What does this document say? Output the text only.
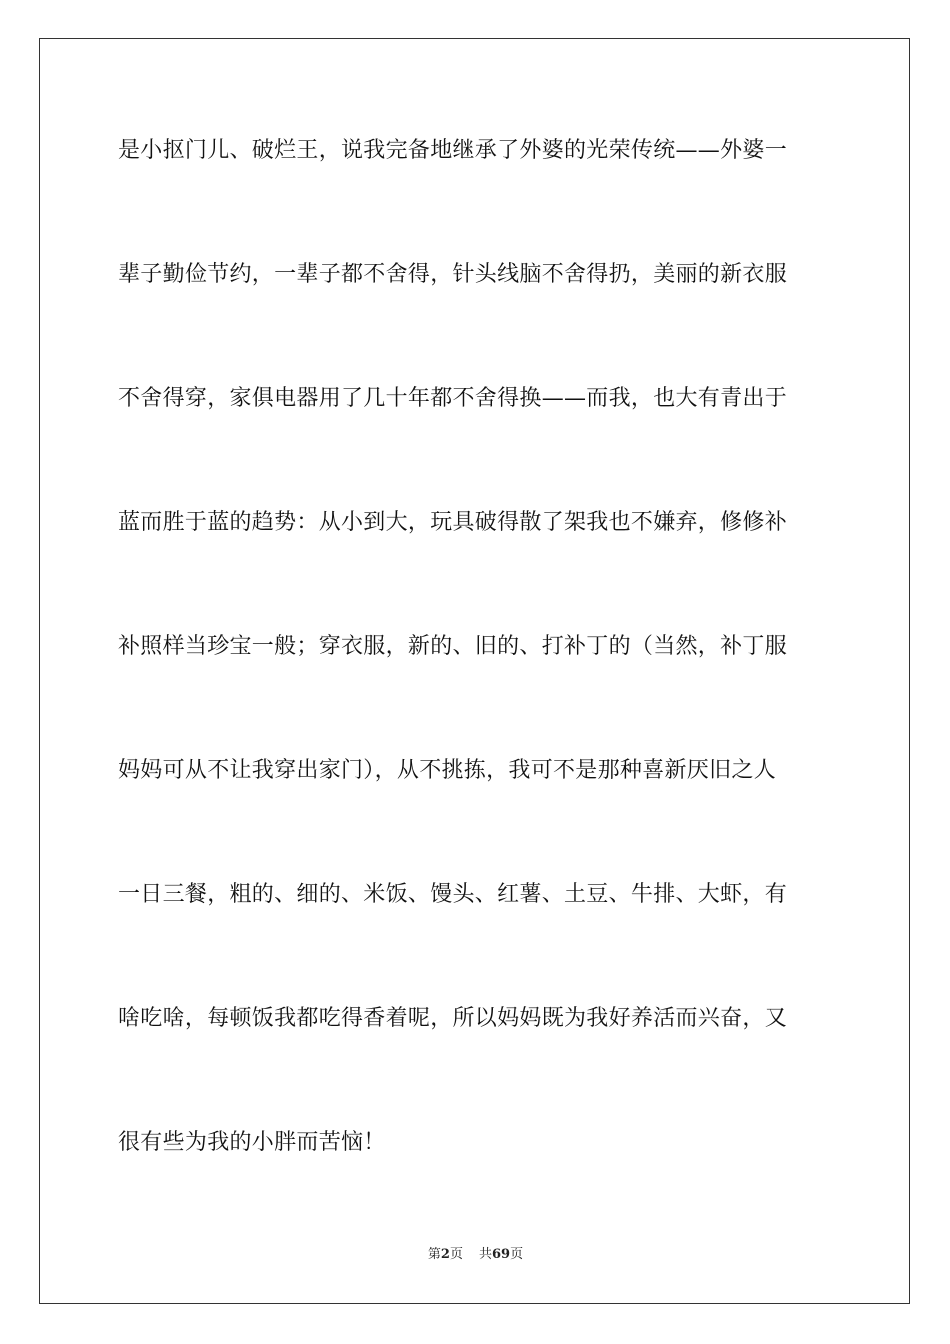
是小抠门儿、破烂王，说我完备地继承了外婆的光荣传统——外婆一
辈子勤俭节约，一辈子都不舍得，针头线脑不舍得扔，美丽的新衣服
不舍得穿，家俱电器用了几十年都不舍得换——而我，也大有青出于
蓝而胜于蓝的趋势：从小到大，玩具破得散了架我也不嫌弃，修修补
补照样当珍宝一般；穿衣服，新的、旧的、打补丁的（当然，补丁服
妈妈可从不让我穿出家门），从不挑拣，我可不是那种喜新厌旧之人
一日三餐，粗的、细的、米饭、馒头、红薯、土豆、牛排、大虾，有
啥吃啥，每顿饭我都吃得香着呢，所以妈妈既为我好养活而兴奋，又
很有些为我的小胖而苦恼！
第2页 共69页
